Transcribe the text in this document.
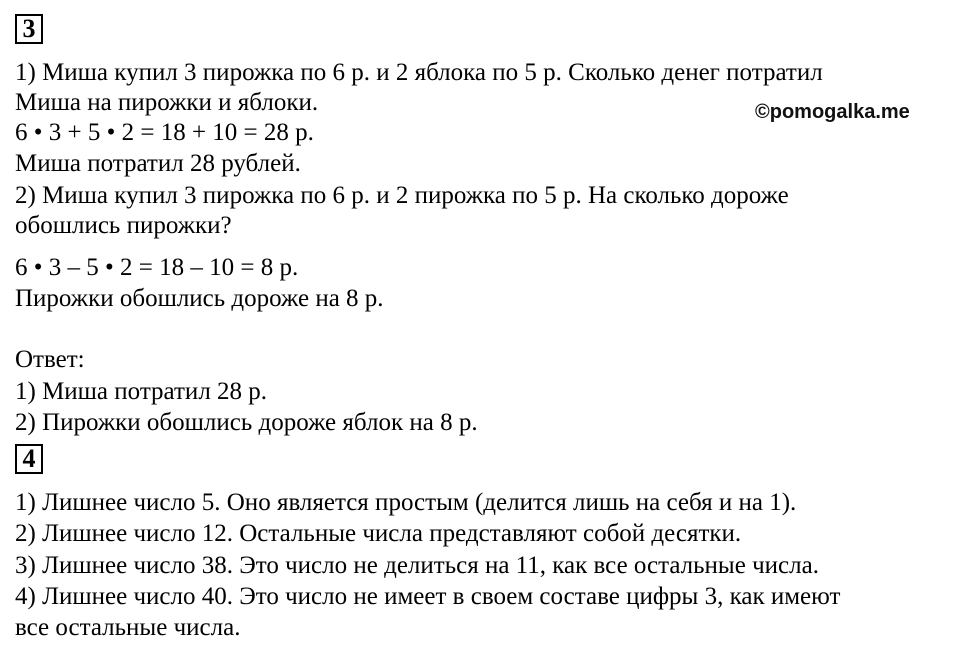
3
1) Миша купил 3 пирожка по 6 р. и 2 яблока по 5 р. Сколько денег потратил
Миша на пирожки и яблоки.	©pomogalka.me
6 • 3 + 5 • 2 = 18 + 10 = 28 р.
Миша потратил 28 рублей.
2) Миша купил 3 пирожка по 6 р. и 2 пирожка по 5 р. На сколько дороже
обошлись пирожки?
6 • 3 – 5 • 2 = 18 – 10 = 8 р.
Пирожки обошлись дороже на 8 р.
Ответ:
1) Миша потратил 28 р.
2) Пирожки обошлись дороже яблок на 8 р.
4
1) Лишнее число 5. Оно является простым (делится лишь на себя и на 1).
2) Лишнее число 12. Остальные числа представляют собой десятки.
3) Лишнее число 38. Это число не делиться на 11, как все остальные числа.
4) Лишнее число 40. Это число не имеет в своем составе цифры 3, как имеют
все остальные числа.
